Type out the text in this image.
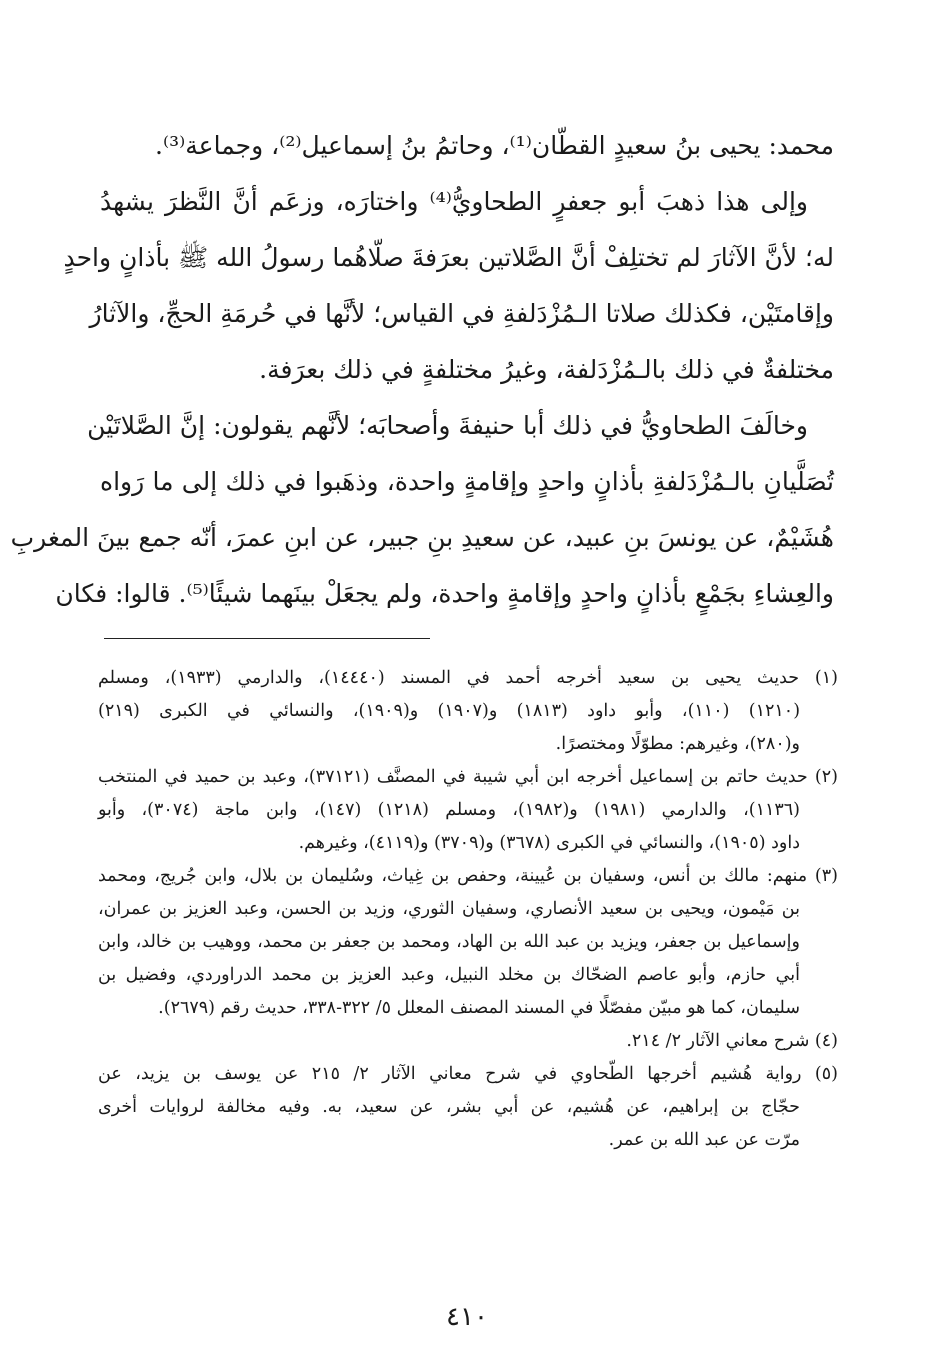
محمد: يحيى بنُ سعيدٍ القطّان⁽¹⁾، وحاتمُ بنُ إسماعيل⁽²⁾، وجماعة⁽³⁾.
وإلى هذا ذهبَ أبو جعفرٍ الطحاويُّ⁽⁴⁾ واختارَه، وزعَم أنَّ النَّظرَ يشهدُ
له؛ لأنَّ الآثارَ لم تختلِفْ أنَّ الصَّلاتين بعرَفةَ صلّاهُما رسولُ الله ﷺ بأذانٍ واحدٍ
وإقامتَيْن، فكذلك صلاتا الـمُزْدَلفةِ في القياس؛ لأنَّها في حُرمَةِ الحجِّ، والآثارُ
مختلفةٌ في ذلك بالـمُزْدَلفة، وغيرُ مختلفةٍ في ذلك بعرَفة.
وخالَفَ الطحاويُّ في ذلك أبا حنيفةَ وأصحابَه؛ لأنَّهم يقولون: إنَّ الصَّلاتَيْن
تُصَلَّيانِ بالـمُزْدَلفةِ بأذانٍ واحدٍ وإقامةٍ واحدة، وذهَبوا في ذلك إلى ما رَواه
هُشَيْمٌ، عن يونسَ بنِ عبيد، عن سعيدِ بنِ جبير، عن ابنِ عمرَ، أنّه جمع بينَ المغربِ
والعِشاءِ بجَمْعٍ بأذانٍ واحدٍ وإقامةٍ واحدة، ولم يجعَلْ بينَهما شيئًا⁽⁵⁾. قالوا: فكان
(١) حديث يحيى بن سعيد أخرجه أحمد في المسند (١٤٤٤٠)، والدارمي (١٩٣٣)، ومسلم
(١٢١٠) (١١٠)، وأبو داود (١٨١٣) و(١٩٠٧) و(١٩٠٩)، والنسائي في الكبرى (٢١٩)
و(٢٨٠)، وغيرهم: مطوّلًا ومختصرًا.
(٢) حديث حاتم بن إسماعيل أخرجه ابن أبي شيبة في المصنَّف (٣٧١٢١)، وعبد بن حميد في المنتخب
(١١٣٦)، والدارمي (١٩٨١) و(١٩٨٢)، ومسلم (١٢١٨) (١٤٧)، وابن ماجة (٣٠٧٤)، وأبو
داود (١٩٠٥)، والنسائي في الكبرى (٣٦٧٨) و(٣٧٠٩) و(٤١١٩)، وغيرهم.
(٣) منهم: مالك بن أنس، وسفيان بن عُيينة، وحفص بن غِياث، وسُليمان بن بلال، وابن جُريج، ومحمد
بن مَيْمون، ويحيى بن سعيد الأنصاري، وسفيان الثوري، وزيد بن الحسن، وعبد العزيز بن عمران،
وإسماعيل بن جعفر، ويزيد بن عبد الله بن الهاد، ومحمد بن جعفر بن محمد، ووهيب بن خالد، وابن
أبي حازم، وأبو عاصم الضحّاك بن مخلد النبيل، وعبد العزيز بن محمد الدراوردي، وفضيل بن
سليمان، كما هو مبيّن مفصّلًا في المسند المصنف المعلل ٥/ ٣٢٢-٣٣٨، حديث رقم (٢٦٧٩).
(٤) شرح معاني الآثار ٢/ ٢١٤.
(٥) رواية هُشيم أخرجها الطّحاوي في شرح معاني الآثار ٢/ ٢١٥ عن يوسف بن يزيد، عن
حجّاج بن إبراهيم، عن هُشيم، عن أبي بشر، عن سعيد، به. وفيه مخالفة لروايات أخرى
مرّت عن عبد الله بن عمر.
٤١٠
